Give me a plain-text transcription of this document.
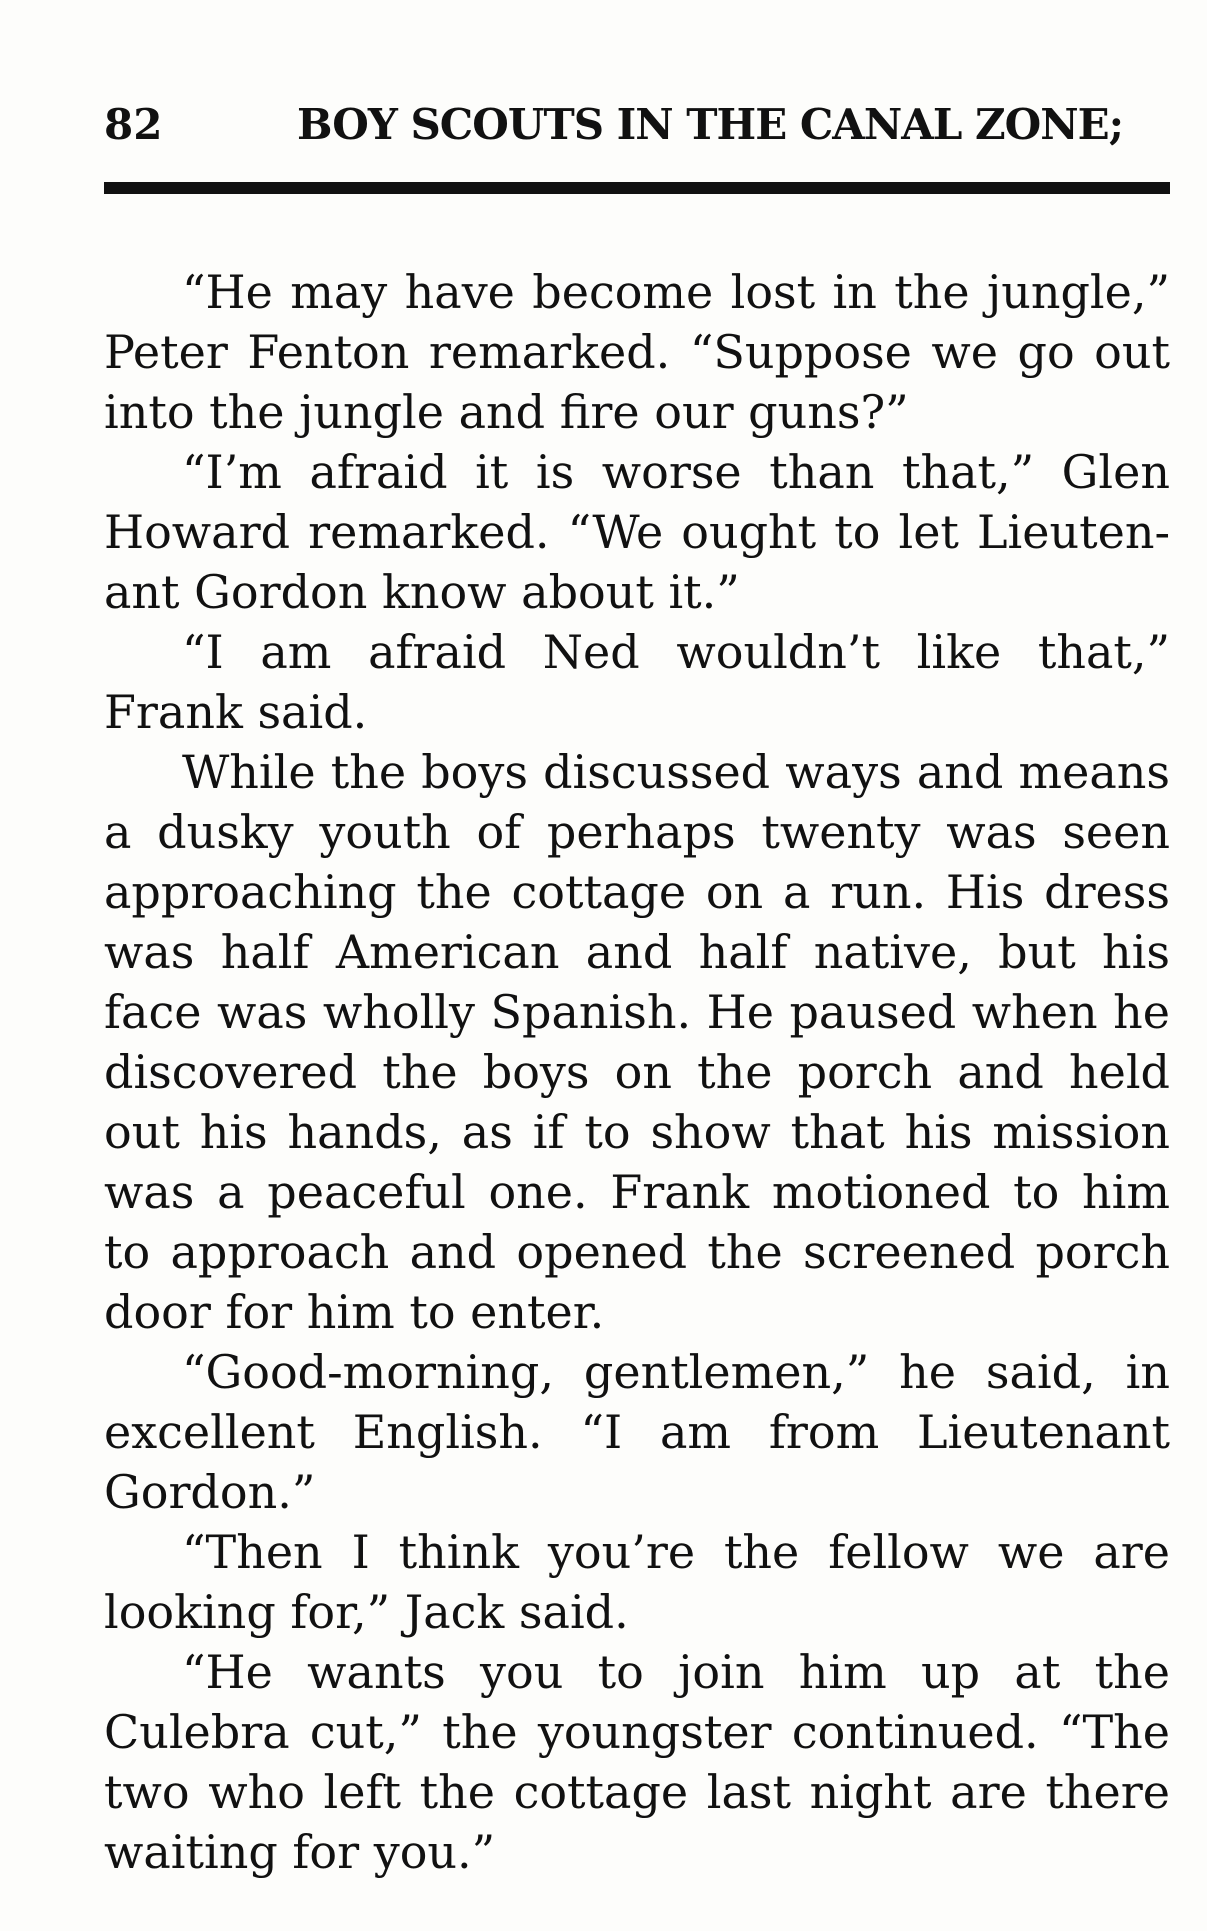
82	BOY SCOUTS IN THE CANAL ZONE;

“He may have become lost in the jungle,” Peter Fenton remarked. “Suppose we go out into the jungle and fire our guns?”

“I’m afraid it is worse than that,” Glen Howard remarked. “We ought to let Lieutenant Gordon know about it.”

“I am afraid Ned wouldn’t like that,” Frank said.

While the boys discussed ways and means a dusky youth of perhaps twenty was seen approaching the cottage on a run. His dress was half American and half native, but his face was wholly Spanish. He paused when he discovered the boys on the porch and held out his hands, as if to show that his mission was a peaceful one. Frank motioned to him to approach and opened the screened porch door for him to enter.

“Good-morning, gentlemen,” he said, in excellent English. “I am from Lieutenant Gordon.”

“Then I think you’re the fellow we are looking for,” Jack said.

“He wants you to join him up at the Culebra cut,” the youngster continued. “The two who left the cottage last night are there waiting for you.”
